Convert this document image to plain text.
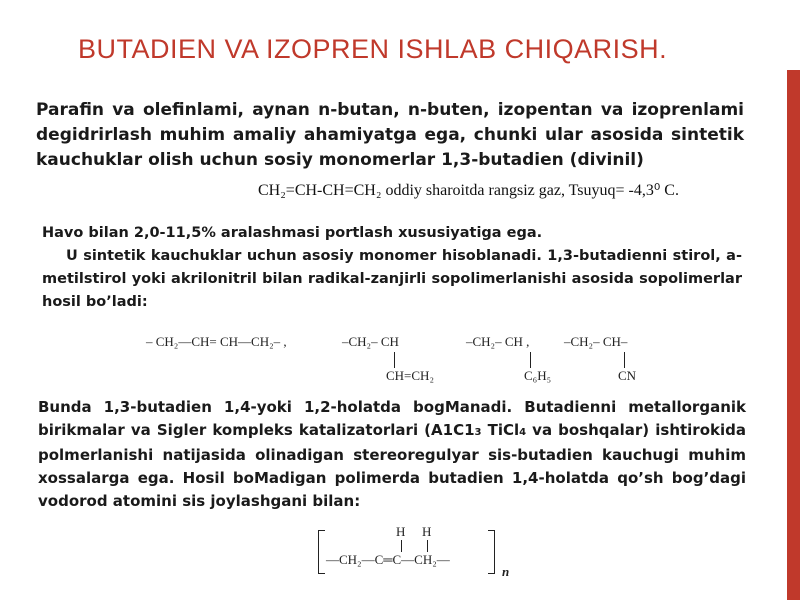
BUTADIEN VA IZOPREN ISHLAB CHIQARISH.

Parafin va olefinlami, aynan n-butan, n-buten, izopentan va izoprenlami degidrirlash muhim amaliy ahamiyatga ega, chunki ular asosida sintetik kauchuklar olish uchun sosiy monomerlar 1,3-butadien (divinil)

CH₂=CH-CH=CH₂ oddiy sharoitda rangsiz gaz, Tsuyuq= -4,3⁰ C.

Havo bilan 2,0-11,5% aralashmasi portlash xususiyatiga ega.
U sintetik kauchuklar uchun asosiy monomer hisoblanadi. 1,3-butadienni stirol, a-metilstirol yoki akrilonitril bilan radikal-zanjirli sopolimerlanishi asosida sopolimerlar hosil bo’ladi:

– CH₂—CH= CH—CH₂– ,	–CH₂– CH
CH=CH₂
–CH₂– CH ,
C₆H₅
–CH₂– CH–
CN

Bunda 1,3-butadien 1,4-yoki 1,2-holatda bogManadi. Butadienni metallorganik birikmalar va Sigler kompleks katalizatorlari (A1C13 TiCl4 va boshqalar) ishtirokida polmerlanishi natijasida olinadigan stereoregulyar sis-butadien kauchugi muhim xossalarga ega. Hosil boMadigan polimerda butadien 1,4-holatda qo’sh bog’dagi vodorod atomini sis joylashgani bilan:

H H
—CH₂—C═C—CH₂—
n
